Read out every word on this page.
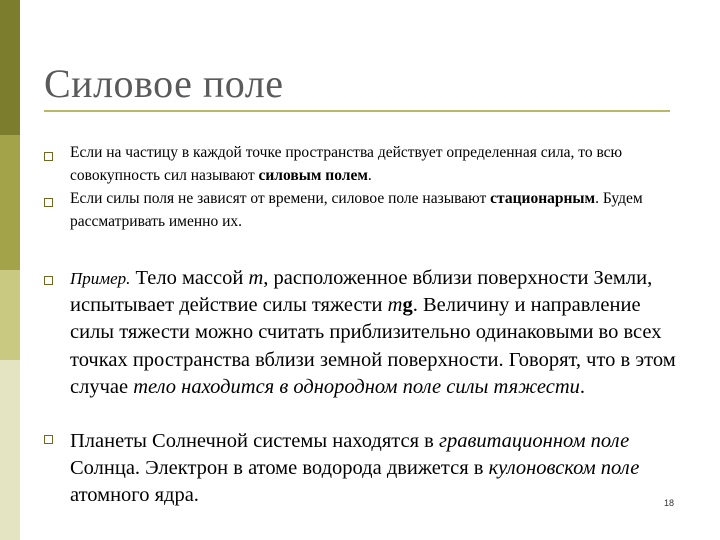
Силовое поле
Если на частицу в каждой точке пространства действует определенная сила, то всю совокупность сил называют силовым полем.
Если силы поля не зависят от времени, силовое поле называют стационарным. Будем рассматривать именно их.
Пример. Тело массой m, расположенное вблизи поверхности Земли, испытывает действие силы тяжести mg. Величину и направление силы тяжести можно считать приблизительно одинаковыми во всех точках пространства вблизи земной поверхности. Говорят, что в этом случае тело находится в однородном поле силы тяжести.
Планеты Солнечной системы находятся в гравитационном поле Солнца. Электрон в атоме водорода движется в кулоновском поле атомного ядра.	18
